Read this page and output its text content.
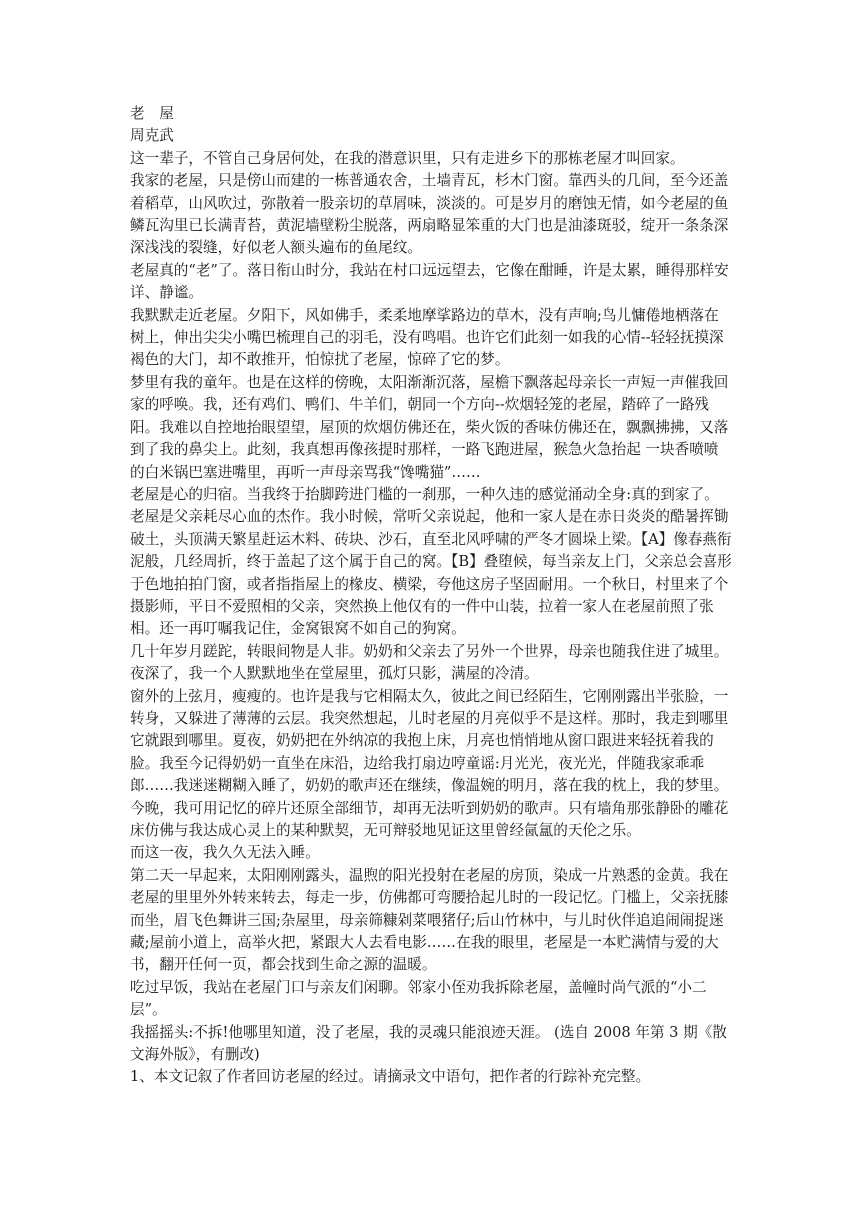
老　屋

周克武

这一辈子，不管自己身居何处，在我的潜意识里，只有走进乡下的那栋老屋才叫回家。

我家的老屋，只是傍山而建的一栋普通农舍，土墙青瓦，杉木门窗。靠西头的几间，至今还盖着稻草，山风吹过，弥散着一股亲切的草屑味，淡淡的。可是岁月的磨蚀无情，如今老屋的鱼鳞瓦沟里已长满青苔，黄泥墙壁粉尘脱落，两扇略显笨重的大门也是油漆斑驳，绽开一条条深深浅浅的裂缝，好似老人额头遍布的鱼尾纹。

老屋真的“老”了。落日衔山时分，我站在村口远远望去，它像在酣睡，许是太累，睡得那样安详、静谧。

我默默走近老屋。夕阳下，风如佛手，柔柔地摩挲路边的草木，没有声响;鸟儿慵倦地栖落在树上，伸出尖尖小嘴巴梳理自己的羽毛，没有鸣唱。也许它们此刻一如我的心情--轻轻抚摸深褐色的大门，却不敢推开，怕惊扰了老屋，惊碎了它的梦。

梦里有我的童年。也是在这样的傍晚，太阳渐渐沉落，屋檐下飘落起母亲长一声短一声催我回家的呼唤。我，还有鸡们、鸭们、牛羊们，朝同一个方向--炊烟轻笼的老屋，踏碎了一路残阳。我难以自控地抬眼望望，屋顶的炊烟仿佛还在，柴火饭的香味仿佛还在，飘飘拂拂，又落到了我的鼻尖上。此刻，我真想再像孩提时那样，一路飞跑进屋，猴急火急抬起 一块香喷喷的白米锅巴塞进嘴里，再听一声母亲骂我“馋嘴猫”……

老屋是心的归宿。当我终于抬脚跨进门槛的一刹那，一种久违的感觉涌动全身:真的到家了。

老屋是父亲耗尽心血的杰作。我小时候，常听父亲说起，他和一家人是在赤日炎炎的酷暑挥锄破土，头顶满天繁星赶运木料、砖块、沙石，直至北风呼啸的严冬才圆垛上梁。【A】像春燕衔泥般，几经周折，终于盖起了这个属于自己的窝。【B】叠堕候，每当亲友上门，父亲总会喜形于色地拍拍门窗，或者指指屋上的椽皮、横梁，夸他这房子坚固耐用。一个秋日，村里来了个摄影师，平日不爱照相的父亲，突然换上他仅有的一件中山装，拉着一家人在老屋前照了张相。还一再叮嘱我记住，金窝银窝不如自己的狗窝。

几十年岁月蹉跎，转眼间物是人非。奶奶和父亲去了另外一个世界，母亲也随我住进了城里。夜深了，我一个人默默地坐在堂屋里，孤灯只影，满屋的冷清。

窗外的上弦月，瘦瘦的。也许是我与它相隔太久，彼此之间已经陌生，它刚刚露出半张脸，一转身，又躲进了薄薄的云层。我突然想起，儿时老屋的月亮似乎不是这样。那时，我走到哪里它就跟到哪里。夏夜，奶奶把在外纳凉的我抱上床，月亮也悄悄地从窗口跟进来轻抚着我的脸。我至今记得奶奶一直坐在床沿，边给我打扇边哼童谣:月光光，夜光光，伴随我家乖乖郎……我迷迷糊糊入睡了，奶奶的歌声还在继续，像温婉的明月，落在我的枕上，我的梦里。今晚，我可用记忆的碎片还原全部细节，却再无法听到奶奶的歌声。只有墙角那张静卧的雕花床仿佛与我达成心灵上的某种默契，无可辩驳地见证这里曾经氤氲的天伦之乐。

而这一夜，我久久无法入睡。

第二天一早起来，太阳刚刚露头，温煦的阳光投射在老屋的房顶，染成一片熟悉的金黄。我在老屋的里里外外转来转去，每走一步，仿佛都可弯腰拾起儿时的一段记忆。门槛上，父亲抚膝而坐，眉飞色舞讲三国;杂屋里，母亲筛糠剁菜喂猪仔;后山竹林中，与儿时伙伴追追闹闹捉迷藏;屋前小道上，高举火把，紧跟大人去看电影……在我的眼里，老屋是一本贮满情与爱的大书，翻开任何一页，都会找到生命之源的温暖。

吃过早饭，我站在老屋门口与亲友们闲聊。邻家小侄劝我拆除老屋，盖幢时尚气派的“小二层”。

我摇摇头:不拆!他哪里知道，没了老屋，我的灵魂只能浪迹天涯。 (选自 2008 年第 3 期《散文海外版》，有删改)

1、本文记叙了作者回访老屋的经过。请摘录文中语句，把作者的行踪补充完整。
